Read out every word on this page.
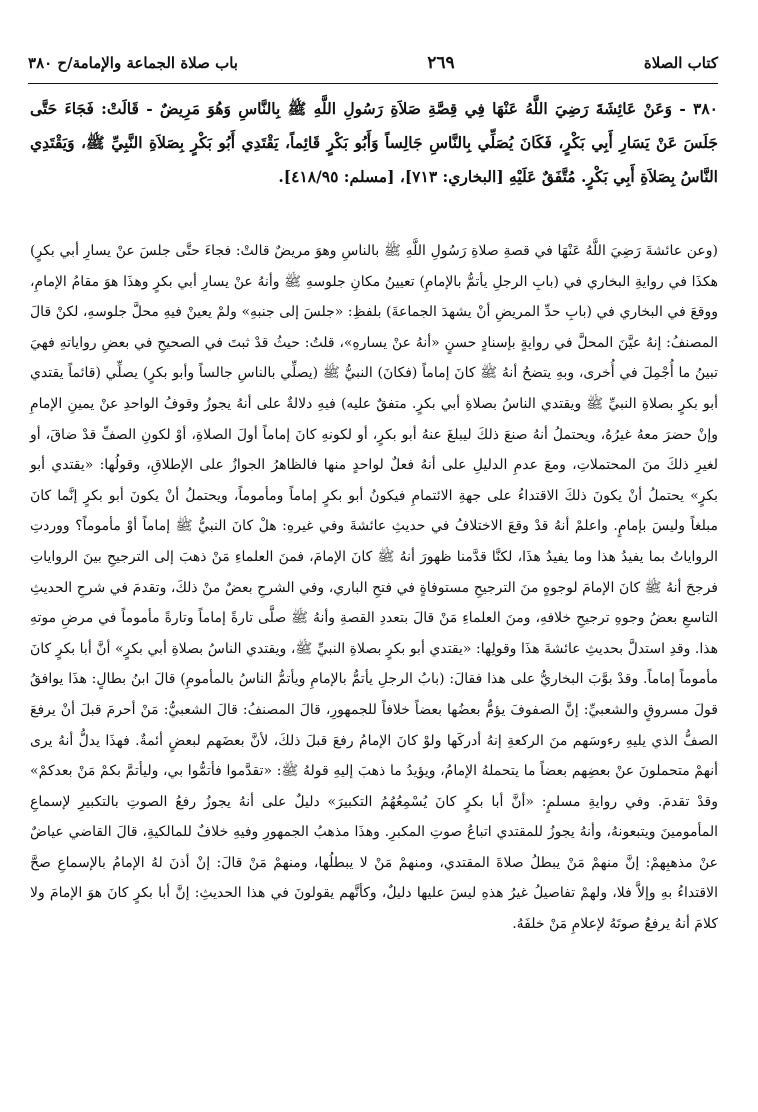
كتاب الصلاة
٢٦٩
باب صلاة الجماعة والإمامة/ح ٣٨٠
٣٨٠ - وَعَنْ عَائِشَةَ رَضِيَ اللَّهُ عَنْهَا فِي قِصَّةِ صَلاَةِ رَسُولِ اللَّهِ ﷺ بِالنَّاسِ وَهُوَ مَرِيضٌ - قَالَتْ: فَجَاءَ حَتَّى جَلَسَ عَنْ يَسَارِ أَبِي بَكْرٍ، فَكَانَ يُصَلِّي بِالنَّاسِ جَالِساً وَأَبُو بَكْرٍ قَائِماً، يَقْتَدِي أَبُو بَكْرٍ بِصَلاَةِ النَّبِيِّ ﷺ، وَيَقْتَدِي النَّاسُ بِصَلاَةِ أَبِي بَكْرٍ. مُتَّفَقٌ عَلَيْهِ [البخاري: ٧١٣]، [مسلم: ٤١٨/٩٥].

(وعن عائشةَ رَضِيَ اللَّهُ عَنْهَا في قصةِ صلاةِ رَسُولِ اللَّهِ ﷺ بالناسِ وهوَ مريضٌ قالتْ: فجاءَ حتَّى جلسَ عنْ يسارِ أبي بكرٍ) هكذَا في روايةِ البخاري في (بابِ الرجلِ يأتمُّ بالإمامِ) تعيينُ مكانِ جلوسهِ ﷺ وأنهُ عنْ يسارِ أبي بكرٍ وهذَا هوَ مقامُ الإمامِ، ووقعَ في البخاري في (بابِ حدِّ المريضِ أنْ يشهدَ الجماعةَ) بلفظِ: «جلسَ إلى جنبهِ» ولمْ يعينْ فيهِ محلَّ جلوسهِ، لكنْ قالَ المصنفُ: إنهُ عيَّنَ المحلَّ في روايةٍ بإسنادٍ حسنٍ «أنهُ عنْ يسارهِ»، قلتُ: حيثُ قدْ ثبتَ في الصحيحِ في بعضِ رواياتهِ فهيَ تبينُ ما أُجْمِلَ في أُخرى، وبهِ يتضحُ أنهُ ﷺ كانَ إماماً (فكانَ) النبيُّ ﷺ (يصلِّي بالناسِ جالساً وأبو بكرٍ) يصلِّي (قائماً يقتدي أبو بكرٍ بصلاةِ النبيِّ ﷺ ويقتدي الناسُ بصلاةِ أبي بكرٍ. متفقٌ عليه) فيهِ دلالةٌ على أنهُ يجوزُ وقوفُ الواحدِ عنْ يمينِ الإمامِ وإنْ حضرَ معهُ غيرُهُ، ويحتملُ أنهُ صنعَ ذلكَ ليبلغَ عنهُ أبو بكرٍ، أو لكونهِ كانَ إماماً أولَ الصلاةِ، أوْ لكونِ الصفِّ قدْ ضاقَ، أو لغيرِ ذلكَ منَ المحتملاتِ، ومعَ عدمِ الدليلِ على أنهُ فعلٌ لواحدٍ منها فالظاهرُ الجوازُ على الإطلاقِ، وقولُها: «يقتدي أبو بكرٍ» يحتملُ أنْ يكونَ ذلكَ الاقتداءُ على جهةِ الائتمامِ فيكونُ أبو بكرٍ إماماً ومأموماً، ويحتملُ أنْ يكونَ أبو بكرٍ إنَّما كانَ مبلغاً وليسَ بإمامٍ. واعلمْ أنهُ قدْ وقعَ الاختلافُ في حديثِ عائشةَ وفي غيرهِ: هلْ كانَ النبيُّ ﷺ إماماً أوْ مأموماً؟ ووردتِ الرواياتُ بما يفيدُ هذا وما يفيدُ هذَا، لكنَّا قدَّمنا ظهورَ أنهُ ﷺ كانَ الإمامَ، فمنَ العلماءِ مَنْ ذهبَ إلى الترجيحِ بينَ الرواياتِ فرجحَ أنهُ ﷺ كانَ الإمامَ لوجوهٍ منَ الترجيحِ مستوفاةٍ في فتحِ الباري، وفي الشرحِ بعضٌ منْ ذلكَ، وتقدمَ في شرحِ الحديثِ التاسعِ بعضُ وجوهِ ترجيحِ خلافهِ، ومنَ العلماءِ مَنْ قالَ بتعددِ القصةِ وأنهُ ﷺ صلَّى تارةً إماماً وتارةً مأموماً في مرضِ موتهِ هذا. وقدِ استدلَّ بحديثِ عائشةَ هذَا وقولِها: «يقتدي أبو بكرٍ بصلاةِ النبيِّ ﷺ، ويقتدي الناسُ بصلاةِ أبي بكرٍ» أنَّ أبا بكرٍ كانَ مأموماً إماماً. وقدْ بوَّبَ البخاريُّ على هذا فقالَ: (بابُ الرجلِ يأتمُّ بالإمامِ ويأتمُّ الناسُ بالمأمومِ) قالَ ابنُ بطالٍ: هذَا يوافقُ قولَ مسروقٍ والشعبيِّ: إنَّ الصفوفَ يؤمُّ بعضُها بعضاً خلافاً للجمهورِ، قالَ المصنفُ: قالَ الشعبيُّ: مَنْ أحرمَ قبلَ أنْ يرفعَ الصفُّ الذي يليهِ رءوسَهم منَ الركعةِ إنهُ أدركَها ولوْ كانَ الإمامُ رفعَ قبلَ ذلكَ، لأنَّ بعضَهم لبعضٍ أئمةٌ. فهذَا يدلُّ أنهُ يرى أنهمْ متحملونَ عنْ بعضِهم بعضاً ما يتحملهُ الإمامُ، ويؤيدُ ما ذهبَ إليهِ قولهُ ﷺ: «تقدَّموا فأتمُّوا بي، وليأتمَّ بكمْ مَنْ بعدكمْ» وقدْ تقدمَ. وفي روايةِ مسلمٍ: «أنَّ أبا بكرٍ كانَ يُسْمِعُهُمُ التكبيرَ» دليلٌ على أنهُ يجوزُ رفعُ الصوتِ بالتكبيرِ لإسماعِ المأمومينَ ويتبعونهُ، وأنهُ يجوزُ للمقتدي اتباعُ صوتِ المكبرِ. وهذَا مذهبُ الجمهورِ وفيهِ خلافٌ للمالكيةِ، قالَ القاضي عياضٌ عنْ مذهبِهمْ: إنَّ منهمْ مَنْ يبطلُ صلاةَ المقتدي، ومنهمْ مَنْ لا يبطلُها، ومنهمْ مَنْ قالَ: إنْ أذنَ لهُ الإمامُ بالإسماعِ صحَّ الاقتداءُ بهِ وإلاَّ فلا، ولهمْ تفاصيلُ غيرُ هذهِ ليسَ عليها دليلٌ، وكأنَّهم يقولونَ في هذا الحديثِ: إنَّ أبا بكرٍ كانَ هوَ الإمامَ ولا كلامَ أنهُ يرفعُ صوتَهُ لإعلامِ مَنْ خلفَهُ.
